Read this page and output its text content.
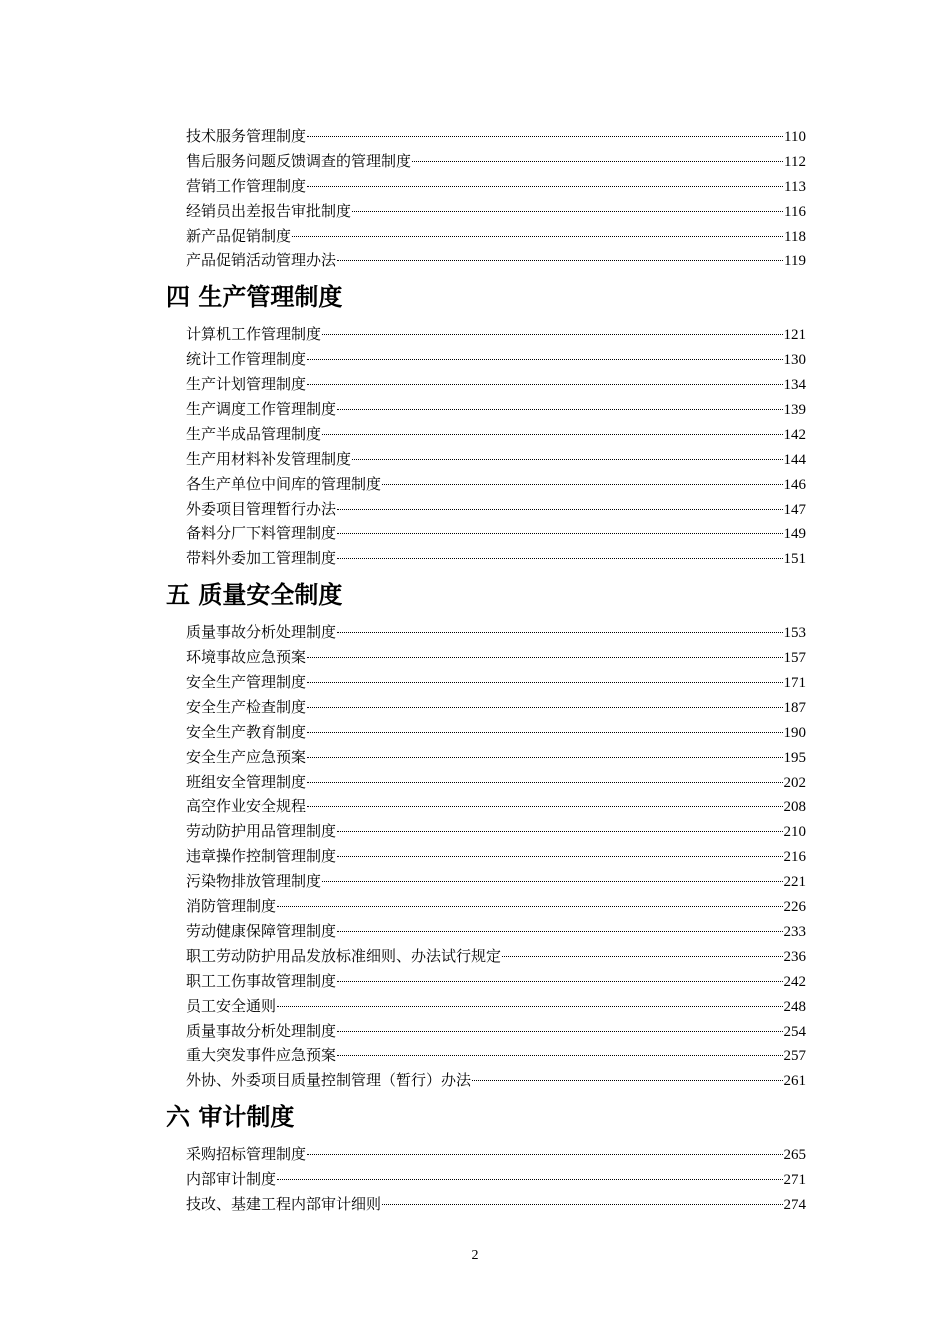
技术服务管理制度	110
售后服务问题反馈调查的管理制度	112
营销工作管理制度	113
经销员出差报告审批制度	116
新产品促销制度	118
产品促销活动管理办法	119
四 生产管理制度
计算机工作管理制度	121
统计工作管理制度	130
生产计划管理制度	134
生产调度工作管理制度	139
生产半成品管理制度	142
生产用材料补发管理制度	144
各生产单位中间库的管理制度	146
外委项目管理暂行办法	147
备料分厂下料管理制度	149
带料外委加工管理制度	151
五 质量安全制度
质量事故分析处理制度	153
环境事故应急预案	157
安全生产管理制度	171
安全生产检查制度	187
安全生产教育制度	190
安全生产应急预案	195
班组安全管理制度	202
高空作业安全规程	208
劳动防护用品管理制度	210
违章操作控制管理制度	216
污染物排放管理制度	221
消防管理制度	226
劳动健康保障管理制度	233
职工劳动防护用品发放标准细则、办法试行规定	236
职工工伤事故管理制度	242
员工安全通则	248
质量事故分析处理制度	254
重大突发事件应急预案	257
外协、外委项目质量控制管理（暂行）办法	261
六 审计制度
采购招标管理制度	265
内部审计制度	271
技改、基建工程内部审计细则	274
2
